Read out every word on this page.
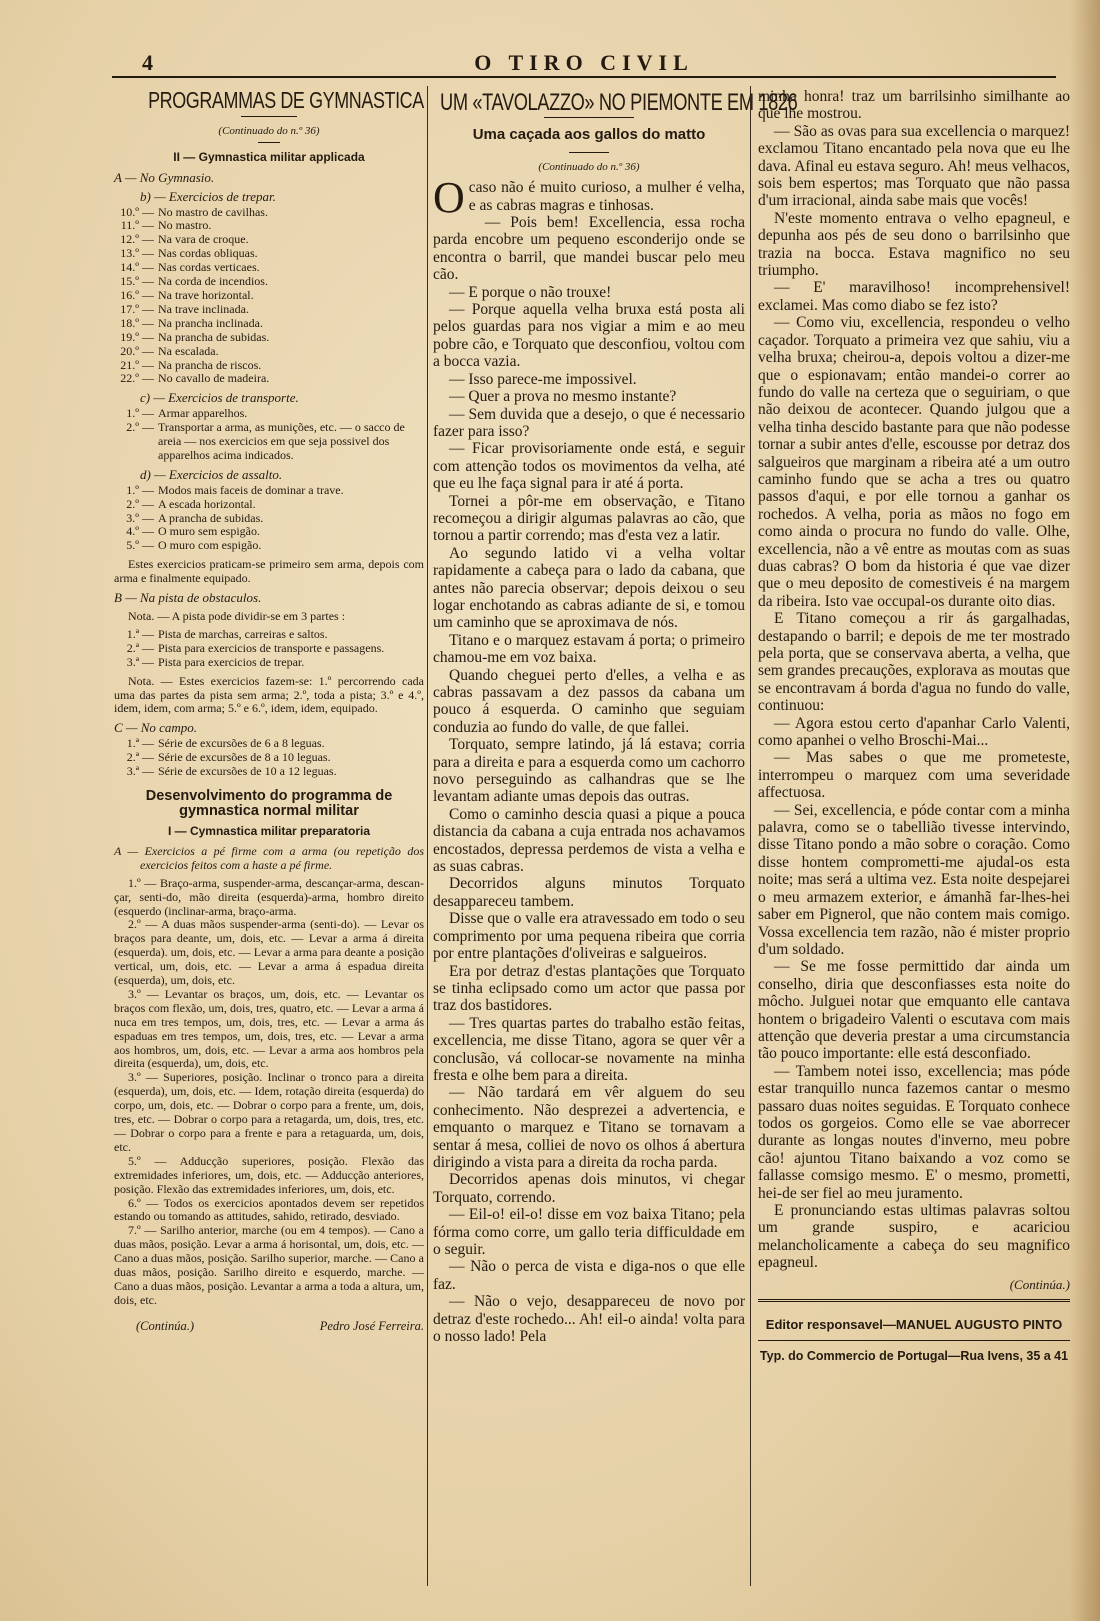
4	O TIRO CIVIL
PROGRAMMAS DE GYMNASTICA
(Continuado do n.º 36)
II — Gymnastica militar applicada
A — No Gymnasio.
b) — Exercicios de trepar.
10.º — No mastro de cavilhas.
11.º — No mastro.
12.º — Na vara de croque.
13.º — Nas cordas obliquas.
14.º — Nas cordas verticaes.
15.º — Na corda de incendios.
16.º — Na trave horizontal.
17.º — Na trave inclinada.
18.º — Na prancha inclinada.
19.º — Na prancha de subidas.
20.º — Na escalada.
21.º — Na prancha de riscos.
22.º — No cavallo de madeira.
c) — Exercicios de transporte.
1.º — Armar apparelhos.
2.º — Transportar a arma, as munições, etc. — o sacco de areia — nos exercicios em que seja possivel dos apparelhos acima indicados.
d) — Exercicios de assalto.
1.º — Modos mais faceis de dominar a trave.
2.º — A escada horizontal.
3.º — A prancha de subidas.
4.º — O muro sem espigão.
5.º — O muro com espigão.

Estes exercicios praticam-se primeiro sem arma, depois com arma e finalmente equipado.

B — Na pista de obstaculos.

Nota. — A pista pode dividir-se em 3 partes :

1.ª — Pista de marchas, carreiras e saltos.
2.ª — Pista para exercicios de transporte e passagens.
3.ª — Pista para exercicios de trepar.

Nota. — Estes exercicios fazem-se: 1.º percorrendo cada uma das partes da pista sem arma; 2.º, toda a pista; 3.º e 4.º, idem, idem, com arma; 5.º e 6.º, idem, idem, equipado.

C — No campo.
1.ª — Série de excursões de 6 a 8 leguas.
2.ª — Série de excursões de 8 a 10 leguas.
3.ª — Série de excursões de 10 a 12 leguas.
Desenvolvimento do programma de gymnastica normal militar
I — Cymnastica militar preparatoria

A — Exercicios a pé firme com a arma (ou repetição dos exercicios feitos com a haste a pé firme.

1.º — Braço-arma, suspender-arma, descançar-arma, descan-çar, senti-do, mão direita (esquerda)-arma, hombro direito (esquerdo (inclinar-arma, braço-arma.

2.º — A duas mãos suspender-arma (senti-do). — Levar os braços para deante, um, dois, etc. — Levar a arma á direita (esquerda). um, dois, etc. — Levar a arma para deante a posição vertical, um, dois, etc. — Levar a arma á espadua direita (esquerda), um, dois, etc.

3.º — Levantar os braços, um, dois, etc. — Levantar os braços com flexão, um, dois, tres, quatro, etc. — Levar a arma á nuca em tres tempos, um, dois, tres, etc. — Levar a arma ás espaduas em tres tempos, um, dois, tres, etc. — Levar a arma aos hombros, um, dois, etc. — Levar a arma aos hombros pela direita (esquerda), um, dois, etc.

3.º — Superiores, posição. Inclinar o tronco para a direita (esquerda), um, dois, etc. — Idem, rotação direita (esquerda) do corpo, um, dois, etc. — Dobrar o corpo para a frente, um, dois, tres, etc. — Dobrar o corpo para a retagarda, um, dois, tres, etc. — Dobrar o corpo para a frente e para a retaguarda, um, dois, etc.

5.º — Adducção superiores, posição. Flexão das extremidades inferiores, um, dois, etc. — Adducção anteriores, posição. Flexão das extremidades inferiores, um, dois, etc.

6.º — Todos os exercicios apontados devem ser repetidos estando ou tomando as attitudes, sahido, retirado, desviado.

7.º — Sarilho anterior, marche (ou em 4 tempos). — Cano a duas mãos, posição. Levar a arma á horisontal, um, dois, etc. — Cano a duas mãos, posição. Sarilho superior, marche. — Cano a duas mãos, posição. Sarilho direito e esquerdo, marche. — Cano a duas mãos, posição. Levantar a arma a toda a altura, um, dois, etc.

(Continúa.)	Pedro José Ferreira.
UM «TAVOLAZZO» NO PIEMONTE EM 1826
Uma caçada aos gallos do matto
(Continuado do n.º 36)

Ocaso não é muito curioso, a mulher é velha, e as cabras magras e tinhosas.

— Pois bem! Excellencia, essa rocha parda encobre um pequeno esconderijo onde se encontra o barril, que mandei buscar pelo meu cão.

— E porque o não trouxe!

— Porque aquella velha bruxa está posta ali pelos guardas para nos vigiar a mim e ao meu pobre cão, e Torquato que desconfiou, voltou com a bocca vazia.

— Isso parece-me impossivel.

— Quer a prova no mesmo instante?

— Sem duvida que a desejo, o que é necessario fazer para isso?

— Ficar provisoriamente onde está, e seguir com attenção todos os movimentos da velha, até que eu lhe faça signal para ir até á porta.

Tornei a pôr-me em observação, e Titano recomeçou a dirigir algumas palavras ao cão, que tornou a partir correndo; mas d'esta vez a latir.

Ao segundo latido vi a velha voltar rapidamente a cabeça para o lado da cabana, que antes não parecia observar; depois deixou o seu logar enchotando as cabras adiante de si, e tomou um caminho que se aproximava de nós.

Titano e o marquez estavam á porta; o primeiro chamou-me em voz baixa.

Quando cheguei perto d'elles, a velha e as cabras passavam a dez passos da cabana um pouco á esquerda. O caminho que seguiam conduzia ao fundo do valle, de que fallei.

Torquato, sempre latindo, já lá estava; corria para a direita e para a esquerda como um cachorro novo perseguindo as calhandras que se lhe levantam adiante umas depois das outras.

Como o caminho descia quasi a pique a pouca distancia da cabana a cuja entrada nos achavamos encostados, depressa perdemos de vista a velha e as suas cabras.

Decorridos alguns minutos Torquato desappareceu tambem.

Disse que o valle era atravessado em todo o seu comprimento por uma pequena ribeira que corria por entre plantações d'oliveiras e salgueiros.

Era por detraz d'estas plantações que Torquato se tinha eclipsado como um actor que passa por traz dos bastidores.

— Tres quartas partes do trabalho estão feitas, excellencia, me disse Titano, agora se quer vêr a conclusão, vá collocar-se novamente na minha fresta e olhe bem para a direita.

— Não tardará em vêr alguem do seu conhecimento. Não desprezei a advertencia, e emquanto o marquez e Titano se tornavam a sentar á mesa, colliei de novo os olhos á abertura dirigindo a vista para a direita da rocha parda.

Decorridos apenas dois minutos, vi chegar Torquato, correndo.

— Eil-o! eil-o! disse em voz baixa Titano; pela fórma como corre, um gallo teria difficuldade em o seguir.

— Não o perca de vista e diga-nos o que elle faz.

— Não o vejo, desappareceu de novo por detraz d'este rochedo... Ah! eil-o ainda! volta para o nosso lado! Pela

minha honra! traz um barrilsinho similhante ao que lhe mostrou.

— São as ovas para sua excellencia o marquez! exclamou Titano encantado pela nova que eu lhe dava. Afinal eu estava seguro. Ah! meus velhacos, sois bem espertos; mas Torquato que não passa d'um irracional, ainda sabe mais que vocês!

N'este momento entrava o velho epagneul, e depunha aos pés de seu dono o barrilsinho que trazia na bocca. Estava magnifico no seu triumpho.

— E' maravilhoso! incomprehensivel! exclamei. Mas como diabo se fez isto?

— Como viu, excellencia, respondeu o velho caçador. Torquato a primeira vez que sahiu, viu a velha bruxa; cheirou-a, depois voltou a dizer-me que o espionavam; então mandei-o correr ao fundo do valle na certeza que o seguiriam, o que não deixou de acontecer. Quando julgou que a velha tinha descido bastante para que não podesse tornar a subir antes d'elle, escousse por detraz dos salgueiros que marginam a ribeira até a um outro caminho fundo que se acha a tres ou quatro passos d'aqui, e por elle tornou a ganhar os rochedos. A velha, poria as mãos no fogo em como ainda o procura no fundo do valle. Olhe, excellencia, não a vê entre as moutas com as suas duas cabras? O bom da historia é que vae dizer que o meu deposito de comestiveis é na margem da ribeira. Isto vae occupal-os durante oito dias.

E Titano começou a rir ás gargalhadas, destapando o barril; e depois de me ter mostrado pela porta, que se conservava aberta, a velha, que sem grandes precauções, explorava as moutas que se encontravam á borda d'agua no fundo do valle, continuou:

— Agora estou certo d'apanhar Carlo Valenti, como apanhei o velho Broschi-Mai...

— Mas sabes o que me prometeste, interrompeu o marquez com uma severidade affectuosa.

— Sei, excellencia, e póde contar com a minha palavra, como se o tabellião tivesse intervindo, disse Titano pondo a mão sobre o coração. Como disse hontem comprometti-me ajudal-os esta noite; mas será a ultima vez. Esta noite despejarei o meu armazem exterior, e ámanhã far-lhes-hei saber em Pignerol, que não contem mais comigo. Vossa excellencia tem razão, não é mister proprio d'um soldado.

— Se me fosse permittido dar ainda um conselho, diria que desconfiasses esta noite do môcho. Julguei notar que emquanto elle cantava hontem o brigadeiro Valenti o escutava com mais attenção que deveria prestar a uma circumstancia tão pouco importante: elle está desconfiado.

— Tambem notei isso, excellencia; mas póde estar tranquillo nunca fazemos cantar o mesmo passaro duas noites seguidas. E Torquato conhece todos os gorgeios. Como elle se vae aborrecer durante as longas noutes d'inverno, meu pobre cão! ajuntou Titano baixando a voz como se fallasse comsigo mesmo. E' o mesmo, prometti, hei-de ser fiel ao meu juramento.

E pronunciando estas ultimas palavras soltou um grande suspiro, e acariciou melancholicamente a cabeça do seu magnifico epagneul.

(Continúa.)
Editor responsavel—MANUEL AUGUSTO PINTO
Typ. do Commercio de Portugal—Rua Ivens, 35 a 41
